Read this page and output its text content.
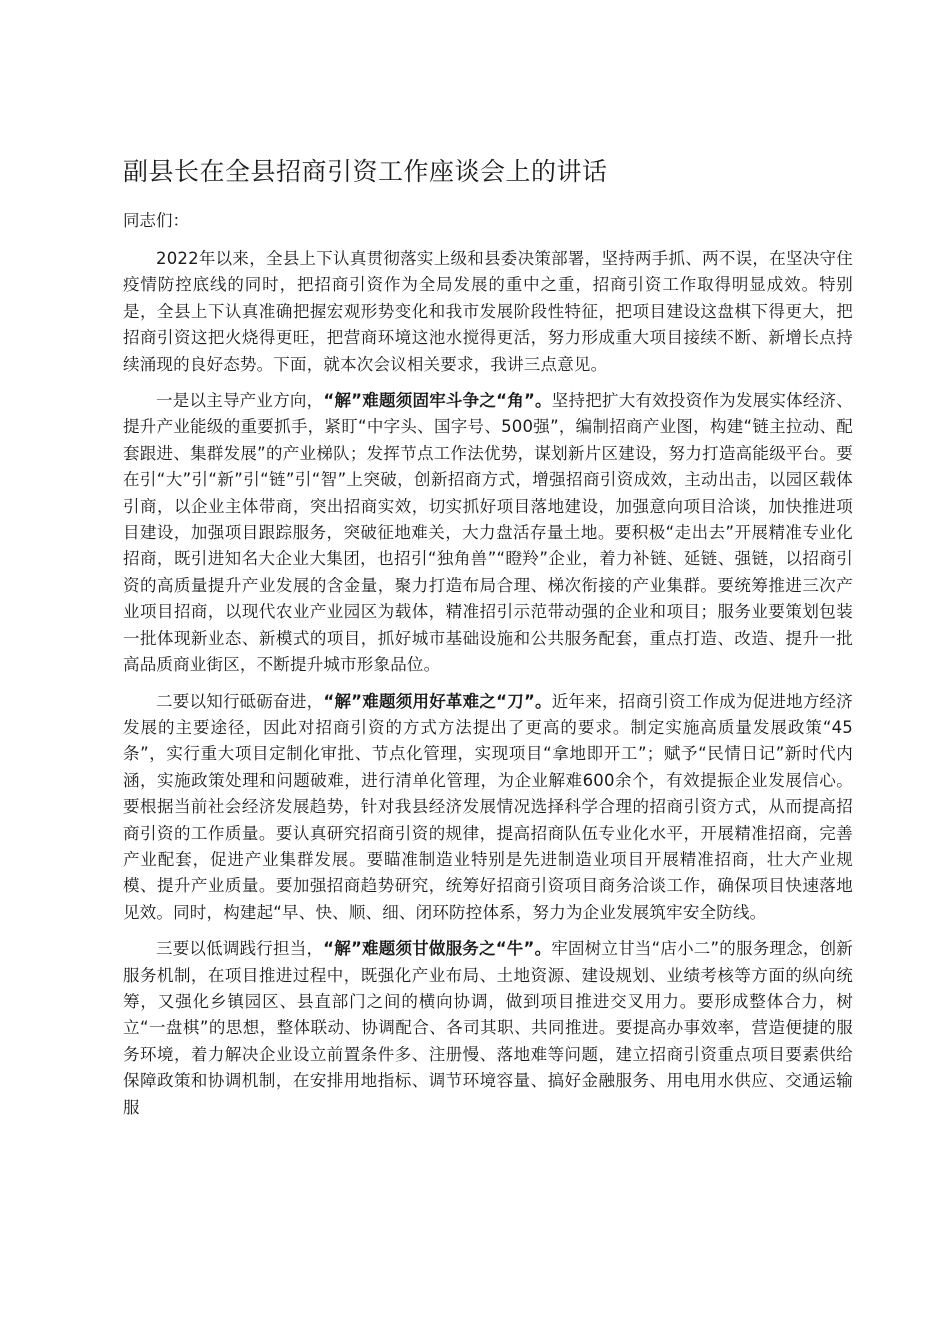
副县长在全县招商引资工作座谈会上的讲话

同志们：

2022年以来，全县上下认真贯彻落实上级和县委决策部署，坚持两手抓、两不误，在坚决守住疫情防控底线的同时，把招商引资作为全局发展的重中之重，招商引资工作取得明显成效。特别是，全县上下认真准确把握宏观形势变化和我市发展阶段性特征，把项目建设这盘棋下得更大，把招商引资这把火烧得更旺，把营商环境这池水搅得更活，努力形成重大项目接续不断、新增长点持续涌现的良好态势。下面，就本次会议相关要求，我讲三点意见。

一是以主导产业方向，“解”难题须固牢斗争之“角”。坚持把扩大有效投资作为发展实体经济、提升产业能级的重要抓手，紧盯“中字头、国字号、500强”，编制招商产业图，构建“链主拉动、配套跟进、集群发展”的产业梯队；发挥节点工作法优势，谋划新片区建设，努力打造高能级平台。要在引“大”引“新”引“链”引“智”上突破，创新招商方式，增强招商引资成效，主动出击，以园区载体引商，以企业主体带商，突出招商实效，切实抓好项目落地建设，加强意向项目洽谈，加快推进项目建设，加强项目跟踪服务，突破征地难关，大力盘活存量土地。要积极“走出去”开展精准专业化招商，既引进知名大企业大集团，也招引“独角兽”“瞪羚”企业，着力补链、延链、强链，以招商引资的高质量提升产业发展的含金量，聚力打造布局合理、梯次衔接的产业集群。要统筹推进三次产业项目招商，以现代农业产业园区为载体，精准招引示范带动强的企业和项目；服务业要策划包装一批体现新业态、新模式的项目，抓好城市基础设施和公共服务配套，重点打造、改造、提升一批高品质商业街区，不断提升城市形象品位。

二要以知行砥砺奋进，“解”难题须用好革难之“刀”。近年来，招商引资工作成为促进地方经济发展的主要途径，因此对招商引资的方式方法提出了更高的要求。制定实施高质量发展政策“45条”，实行重大项目定制化审批、节点化管理，实现项目“拿地即开工”；赋予“民情日记”新时代内涵，实施政策处理和问题破难，进行清单化管理，为企业解难600余个，有效提振企业发展信心。要根据当前社会经济发展趋势，针对我县经济发展情况选择科学合理的招商引资方式，从而提高招商引资的工作质量。要认真研究招商引资的规律，提高招商队伍专业化水平，开展精准招商，完善产业配套，促进产业集群发展。要瞄准制造业特别是先进制造业项目开展精准招商，壮大产业规模、提升产业质量。要加强招商趋势研究，统筹好招商引资项目商务洽谈工作，确保项目快速落地见效。同时，构建起“早、快、顺、细、闭环防控体系，努力为企业发展筑牢安全防线。

三要以低调践行担当，“解”难题须甘做服务之“牛”。牢固树立甘当“店小二”的服务理念，创新服务机制，在项目推进过程中，既强化产业布局、土地资源、建设规划、业绩考核等方面的纵向统筹，又强化乡镇园区、县直部门之间的横向协调，做到项目推进交叉用力。要形成整体合力，树立“一盘棋”的思想，整体联动、协调配合、各司其职、共同推进。要提高办事效率，营造便捷的服务环境，着力解决企业设立前置条件多、注册慢、落地难等问题，建立招商引资重点项目要素供给保障政策和协调机制，在安排用地指标、调节环境容量、搞好金融服务、用电用水供应、交通运输服
